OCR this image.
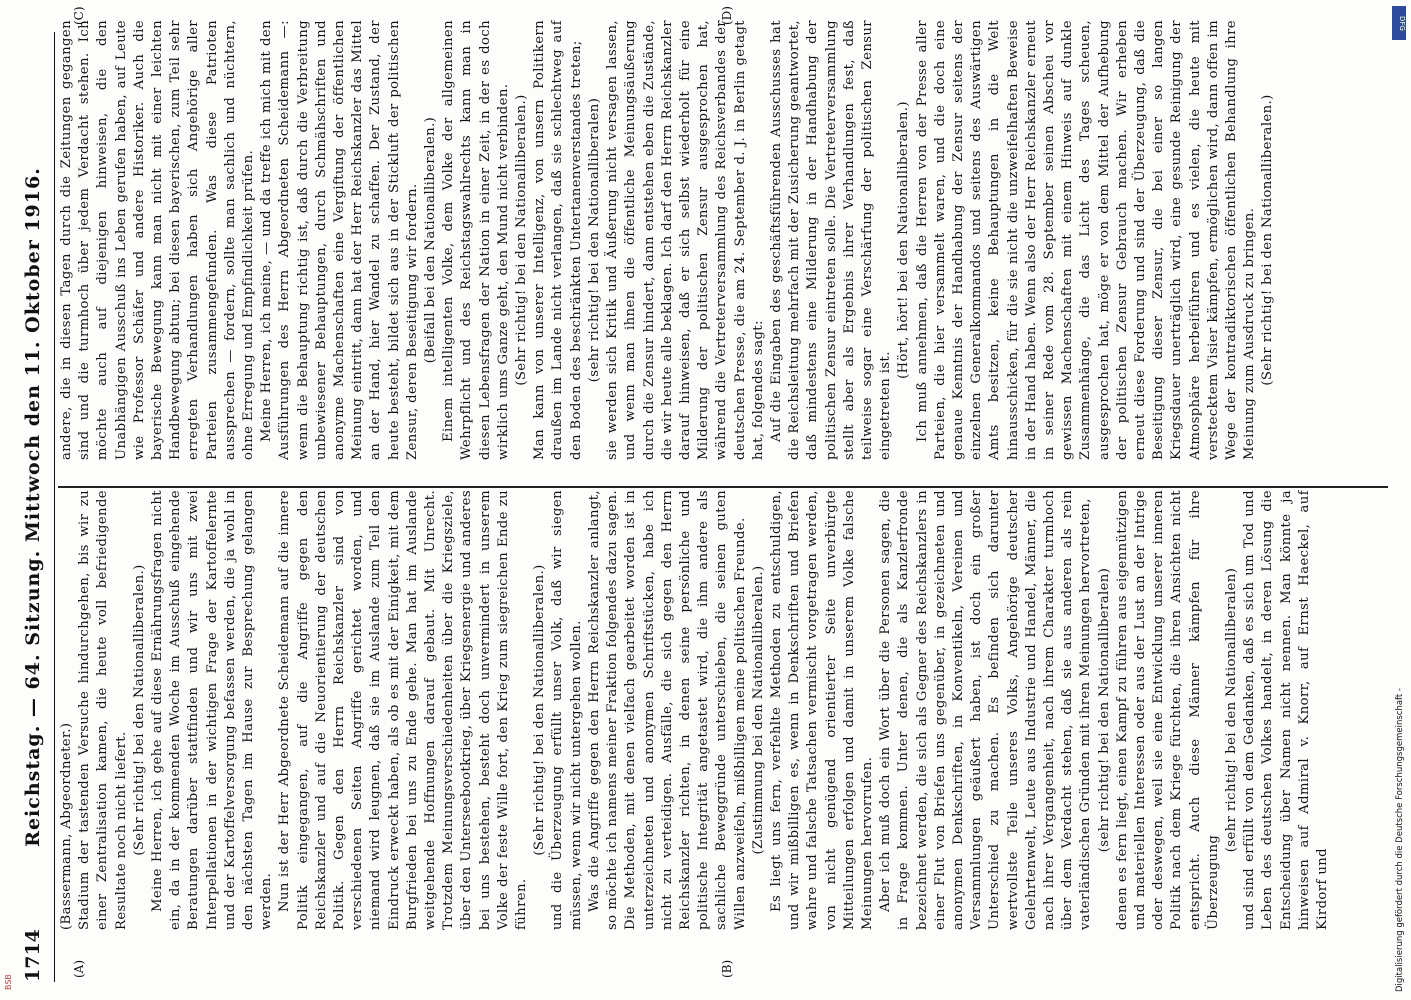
1714
Reichstag. — 64. Sitzung. Mittwoch den 11. Oktober 1916.
(A)	(B)
(C)	(D)

(Bassermann, Abgeordneter.) Stadium der tastenden Versuche hindurchgehen, bis wir zu einer Zentralisation kamen, die heute voll befriedigende Resultate noch nicht liefert. (Sehr richtig! bei den Nationalliberalen.) Meine Herren, ich gehe auf diese Ernährungsfragen nicht ein, da in der kommenden Woche im Ausschuß eingehende Beratungen darüber stattfinden und wir uns mit zwei Interpellationen in der wichtigen Frage der Kartoffelernte und der Kartoffelversorgung befassen werden, die ja wohl in den nächsten Tagen im Hause zur Besprechung gelangen werden. Nun ist der Herr Abgeordnete Scheidemann auf die innere Politik eingegangen, auf die Angriffe gegen den Reichskanzler und auf die Neuorientierung der deutschen Politik. Gegen den Herrn Reichskanzler sind von verschiedenen Seiten Angriffe gerichtet worden, und niemand wird leugnen, daß sie im Auslande zum Teil den Eindruck erweckt haben, als ob es mit der Einigkeit, mit dem Burgfrieden bei uns zu Ende gehe. Man hat im Auslande weitgehende Hoffnungen darauf gebaut. Mit Unrecht. Trotzdem Meinungsverschiedenheiten über die Kriegsziele, über den Unterseebootkrieg, über Kriegsenergie und anderes bei uns bestehen, besteht doch unvermindert in unserem Volke der feste Wille fort, den Krieg zum siegreichen Ende zu führen.

(Sehr richtig! bei den Nationalliberalen.) und die Überzeugung erfüllt unser Volk, daß wir siegen müssen, wenn wir nicht untergehen wollen. Was die Angriffe gegen den Herrn Reichskanzler anlangt, so möchte ich namens meiner Fraktion folgendes dazu sagen. Die Methoden, mit denen vielfach gearbeitet worden ist in unterzeichneten und anonymen Schriftstücken, habe ich nicht zu verteidigen. Ausfälle, die sich gegen den Herrn Reichskanzler richten, in denen seine persönliche und politische Integrität angetastet wird, die ihm andere als sachliche Beweggründe unterschieben, die seinen guten Willen anzweifeln, mißbilligen meine politischen Freunde. (Zustimmung bei den Nationalliberalen.) Es liegt uns fern, verfehlte Methoden zu entschuldigen, und wir mißbilligen es, wenn in Denkschriften und Briefen wahre und falsche Tatsachen vermischt vorgetragen werden, von nicht genügend orientierter Seite unverbürgte Mitteilungen erfolgen und damit in unserem Volke falsche Meinungen hervorrufen. Aber ich muß doch ein Wort über die Personen sagen, die in Frage kommen. Unter denen, die als Kanzlerfronde bezeichnet werden, die sich als Gegner des Reichskanzlers in einer Flut von Briefen uns gegenüber, in gezeichneten und anonymen Denkschriften, in Konventikeln, Vereinen und Versammlungen geäußert haben, ist doch ein großer Unterschied zu machen. Es befinden sich darunter wertvollste Teile unseres Volks, Angehörige deutscher Gelehrtenwelt, Leute aus Industrie und Handel, Männer, die nach ihrer Vergangenheit, nach ihrem Charakter turmhoch über dem Verdacht stehen, daß sie aus anderen als rein vaterländischen Gründen mit ihren Meinungen hervortreten, (sehr richtig! bei den Nationalliberalen) denen es fern liegt, einen Kampf zu führen aus eigennützigen und materiellen Interessen oder aus der Lust an der Intrige oder deswegen, weil sie eine Entwicklung unserer inneren Politik nach dem Kriege fürchten, die ihren Ansichten nicht entspricht. Auch diese Männer kämpfen für ihre Überzeugung

(sehr richtig! bei den Nationalliberalen) und sind erfüllt von dem Gedanken, daß es sich um Tod und Leben des deutschen Volkes handelt, in deren Lösung die Entscheidung über Namen nicht nennen. Man könnte ja hinweisen auf Admiral v. Knorr, auf Ernst Haeckel, auf Kirdorf und

andere, die in diesen Tagen durch die Zeitungen gegangen sind und die turmhoch über jedem Verdacht stehen. Ich möchte auch auf diejenigen hinweisen, die den Unabhängigen Ausschuß ins Leben gerufen haben, auf Leute wie Professor Schäfer und andere Historiker. Auch die bayerische Bewegung kann man nicht mit einer leichten Handbewegung abtun; bei diesen bayerischen, zum Teil sehr erregten Verhandlungen haben sich Angehörige aller Parteien zusammengefunden. Was diese Patrioten aussprechen — fordern, sollte man sachlich und nüchtern, ohne Erregung und Empfindlichkeit prüfen. Meine Herren, ich meine, — und da treffe ich mich mit den Ausführungen des Herrn Abgeordneten Scheidemann —: wenn die Behauptung richtig ist, daß durch die Verbreitung unbewiesener Behauptungen, durch Schmähschriften und anonyme Machenschaften eine Vergiftung der öffentlichen Meinung eintritt, dann hat der Herr Reichskanzler das Mittel an der Hand, hier Wandel zu schaffen. Der Zustand, der heute besteht, bildet sich aus in der Stickluft der politischen Zensur, deren Beseitigung wir fordern. (Beifall bei den Nationalliberalen.) Einem intelligenten Volke, dem Volke der allgemeinen Wehrpflicht und des Reichstagswahlrechts kann man in diesen Lebensfragen der Nation in einer Zeit, in der es doch wirklich ums Ganze geht, den Mund nicht verbinden. (Sehr richtig! bei den Nationalliberalen.) Man kann von unserer Intelligenz, von unsern Politikern draußen im Lande nicht verlangen, daß sie schlechtweg auf den Boden des beschränkten Untertanenverstandes treten; (sehr richtig! bei den Nationalliberalen) sie werden sich Kritik und Äußerung nicht versagen lassen, und wenn man ihnen die öffentliche Meinungsäußerung durch die Zensur hindert, dann entstehen eben die Zustände, die wir heute alle beklagen. Ich darf den Herrn Reichskanzler darauf hinweisen, daß er sich selbst wiederholt für eine Milderung der politischen Zensur ausgesprochen hat, während die Vertreterversammlung des Reichsverbandes der deutschen Presse, die am 24. September d. J. in Berlin getagt hat, folgendes sagt: Auf die Eingaben des geschäftsführenden Ausschusses hat die Reichsleitung mehrfach mit der Zusicherung geantwortet, daß mindestens eine Milderung in der Handhabung der politischen Zensur eintreten solle. Die Vertreterversammlung stellt aber als Ergebnis ihrer Verhandlungen fest, daß teilweise sogar eine Verschärfung der politischen Zensur eingetreten ist.

(Hört, hört! bei den Nationalliberalen.) Ich muß annehmen, daß die Herren von der Presse aller Parteien, die hier versammelt waren, und die doch eine genaue Kenntnis der Handhabung der Zensur seitens der einzelnen Generalkommandos und seitens des Auswärtigen Amts besitzen, keine Behauptungen in die Welt hinausschicken, für die sie nicht die unzweifelhaften Beweise in der Hand haben. Wenn also der Herr Reichskanzler erneut in seiner Rede vom 28. September seinen Abscheu vor gewissen Machenschaften mit einem Hinweis auf dunkle Zusammenhänge, die das Licht des Tages scheuen, ausgesprochen hat, möge er von dem Mittel der Aufhebung der politischen Zensur Gebrauch machen. Wir erheben erneut diese Forderung und sind der Überzeugung, daß die Beseitigung dieser Zensur, die bei einer so langen Kriegsdauer unerträglich wird, eine gesunde Reinigung der Atmosphäre herbeiführen und es vielen, die heute mit verstecktem Visier kämpfen, ermöglichen wird, dann offen im Wege der kontradiktorischen öffentlichen Behandlung ihre Meinung zum Ausdruck zu bringen. (Sehr richtig! bei den Nationalliberalen.)

BSB	Digitalisierung gefördert durch die Deutsche Forschungsgemeinschaft -
DFG
